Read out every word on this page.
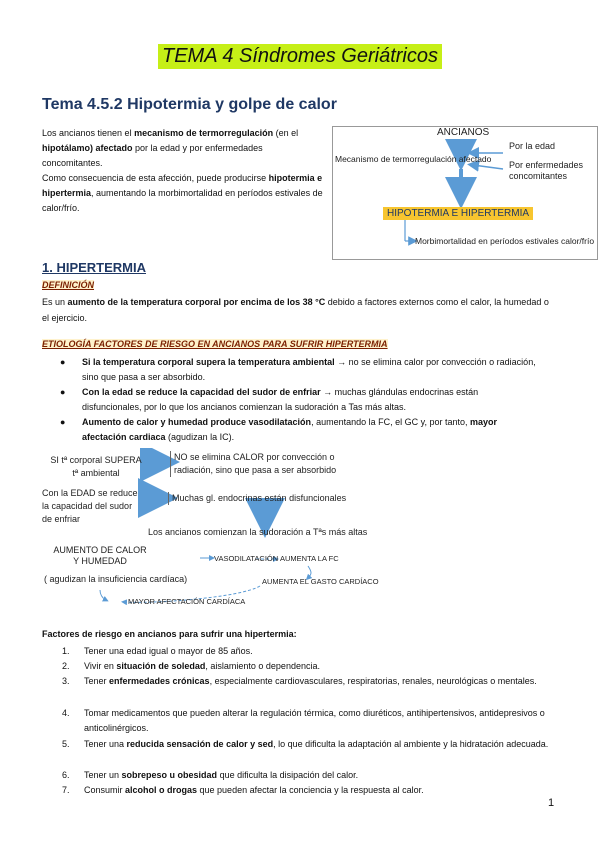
TEMA 4 Síndromes Geriátricos
Tema 4.5.2 Hipotermia y golpe de calor
Los ancianos tienen el mecanismo de termorregulación (en el hipotálamo) afectado por la edad y por enfermedades concomitantes.
Como consecuencia de esta afección, puede producirse hipotermia e hipertermia, aumentando la morbimortalidad en períodos estivales de calor/frío.
ANCIANOS
Por la edad
Mecanismo de termorregulación afectado
Por enfermedades concomitantes
HIPOTERMIA E HIPERTERMIA
Morbimortalidad en períodos estivales calor/frío
1. HIPERTERMIA
DEFINICIÓN
Es un aumento de la temperatura corporal por encima de los 38 °C debido a factores externos como el calor, la humedad o el ejercicio.
ETIOLOGÍA FACTORES DE RIESGO EN ANCIANOS PARA SUFRIR HIPERTERMIA
● Si la temperatura corporal supera la temperatura ambiental → no se elimina calor por convección o radiación, sino que pasa a ser absorbido.
● Con la edad se reduce la capacidad del sudor de enfriar → muchas glándulas endocrinas están disfuncionales, por lo que los ancianos comienzan la sudoración a Tas más altas.
● Aumento de calor y humedad produce vasodilatación, aumentando la FC, el GC y, por tanto, mayor afectación cardiaca (agudizan la IC).
SI tª corporal SUPERA
tª ambiental
NO se elimina CALOR por convección o
radiación, sino que pasa a ser absorbido
Con la EDAD se reduce
la capacidad del sudor
de enfriar
Muchas gl. endocrinas están disfuncionales
Los ancianos comienzan la sudoración a Tªs más altas
AUMENTO DE CALOR
Y HUMEDAD
( agudizan la insuficiencia cardíaca)
VASODILATACIÓN AUMENTA LA FC
AUMENTA EL GASTO CARDÍACO
MAYOR AFECTACIÓN CARDÍACA
Factores de riesgo en ancianos para sufrir una hipertermia:
1. Tener una edad igual o mayor de 85 años.
2. Vivir en situación de soledad, aislamiento o dependencia.
3. Tener enfermedades crónicas, especialmente cardiovasculares, respiratorias, renales, neurológicas o mentales.
4. Tomar medicamentos que pueden alterar la regulación térmica, como diuréticos, antihipertensivos, antidepresivos o anticolinérgicos.
5. Tener una reducida sensación de calor y sed, lo que dificulta la adaptación al ambiente y la hidratación adecuada.
6. Tener un sobrepeso u obesidad que dificulta la disipación del calor.
7. Consumir alcohol o drogas que pueden afectar la conciencia y la respuesta al calor.
1
